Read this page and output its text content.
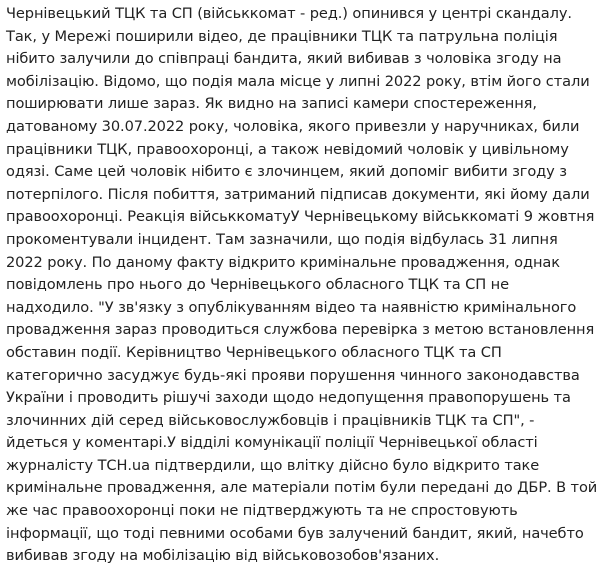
Чернівецький ТЦК та СП (військкомат - ред.) опинився у центрі скандалу. Так, у Мережі поширили відео, де працівники ТЦК та патрульна поліція нібито залучили до співпраці бандита, який вибивав з чоловіка згоду на мобілізацію. Відомо, що подія мала місце у липні 2022 року, втім його стали поширювати лише зараз. Як видно на записі камери спостереження, датованому 30.07.2022 року, чоловіка, якого привезли у наручниках, били працівники ТЦК, правоохоронці, а також невідомий чоловік у цивільному одязі. Саме цей чоловік нібито є злочинцем, який допоміг вибити згоду з потерпілого. Після побиття, затриманий підписав документи, які йому дали правоохоронці. Реакція військкоматуУ Чернівецькому військкоматі 9 жовтня прокоментували інцидент. Там зазначили, що подія відбулась 31 липня 2022 року. По даному факту відкрито кримінальне провадження, однак повідомлень про нього до Чернівецького обласного ТЦК та СП не надходило. "У зв'язку з опублікуванням відео та наявністю кримінального провадження зараз проводиться службова перевірка з метою встановлення обставин події. Керівництво Чернівецького обласного ТЦК та СП категорично засуджує будь-які прояви порушення чинного законодавства України і проводить рішучі заходи щодо недопущення правопорушень та злочинних дій серед військовослужбовців і працівників ТЦК та СП", - йдеться у коментарі.У відділі комунікації поліції Чернівецької області журналісту ТСН.ua підтвердили, що влітку дійсно було відкрито таке кримінальне провадження, але матеріали потім були передані до ДБР. В той же час правоохоронці поки не підтверджують та не спростовують інформації, що тоді певними особами був залучений бандит, який, начебто вибивав згоду на мобілізацію від військовозобов'язаних.
